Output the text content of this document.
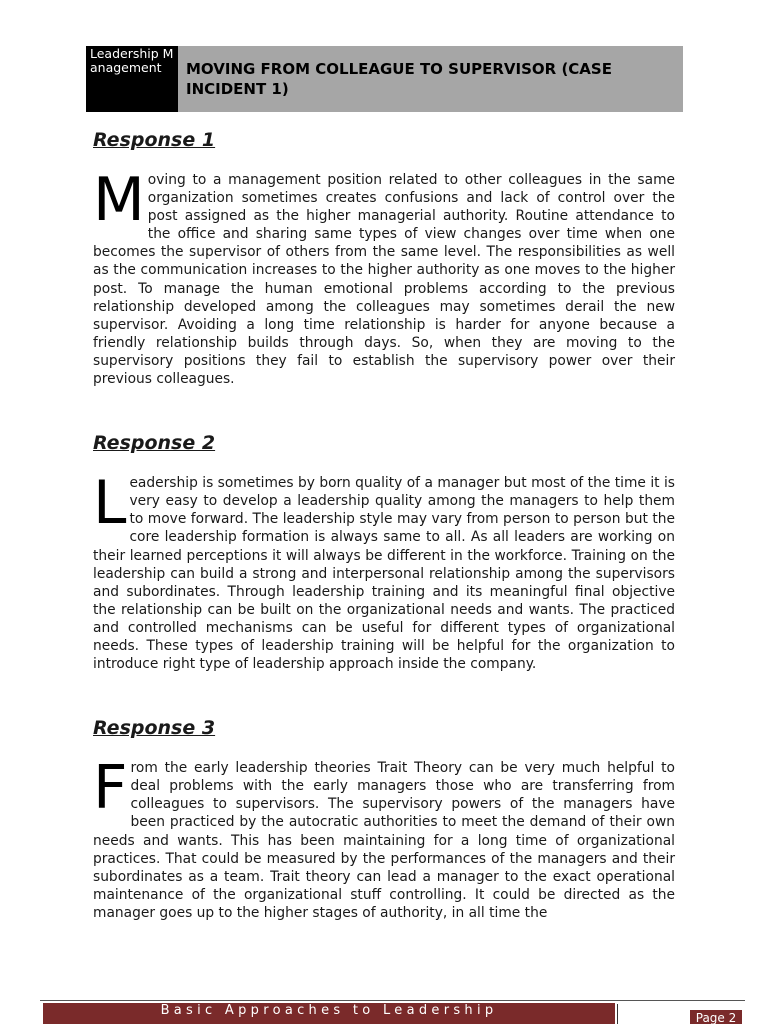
Leadership Management	MOVING FROM COLLEAGUE TO SUPERVISOR (CASE INCIDENT 1)
Response 1

Moving to a management position related to other colleagues in the same organization sometimes creates confusions and lack of control over the post assigned as the higher managerial authority. Routine attendance to the office and sharing same types of view changes over time when one becomes the supervisor of others from the same level. The responsibilities as well as the communication increases to the higher authority as one moves to the higher post. To manage the human emotional problems according to the previous relationship developed among the colleagues may sometimes derail the new supervisor. Avoiding a long time relationship is harder for anyone because a friendly relationship builds through days. So, when they are moving to the supervisory positions they fail to establish the supervisory power over their previous colleagues.

Response 2

Leadership is sometimes by born quality of a manager but most of the time it is very easy to develop a leadership quality among the managers to help them to move forward. The leadership style may vary from person to person but the core leadership formation is always same to all. As all leaders are working on their learned perceptions it will always be different in the workforce. Training on the leadership can build a strong and interpersonal relationship among the supervisors and subordinates. Through leadership training and its meaningful final objective the relationship can be built on the organizational needs and wants. The practiced and controlled mechanisms can be useful for different types of organizational needs. These types of leadership training will be helpful for the organization to introduce right type of leadership approach inside the company.

Response 3

From the early leadership theories Trait Theory can be very much helpful to deal problems with the early managers those who are transferring from colleagues to supervisors. The supervisory powers of the managers have been practiced by the autocratic authorities to meet the demand of their own needs and wants. This has been maintaining for a long time of organizational practices. That could be measured by the performances of the managers and their subordinates as a team. Trait theory can lead a manager to the exact operational maintenance of the organizational stuff controlling. It could be directed as the manager goes up to the higher stages of authority, in all time the

Basic Approaches to Leadership	Page 2
